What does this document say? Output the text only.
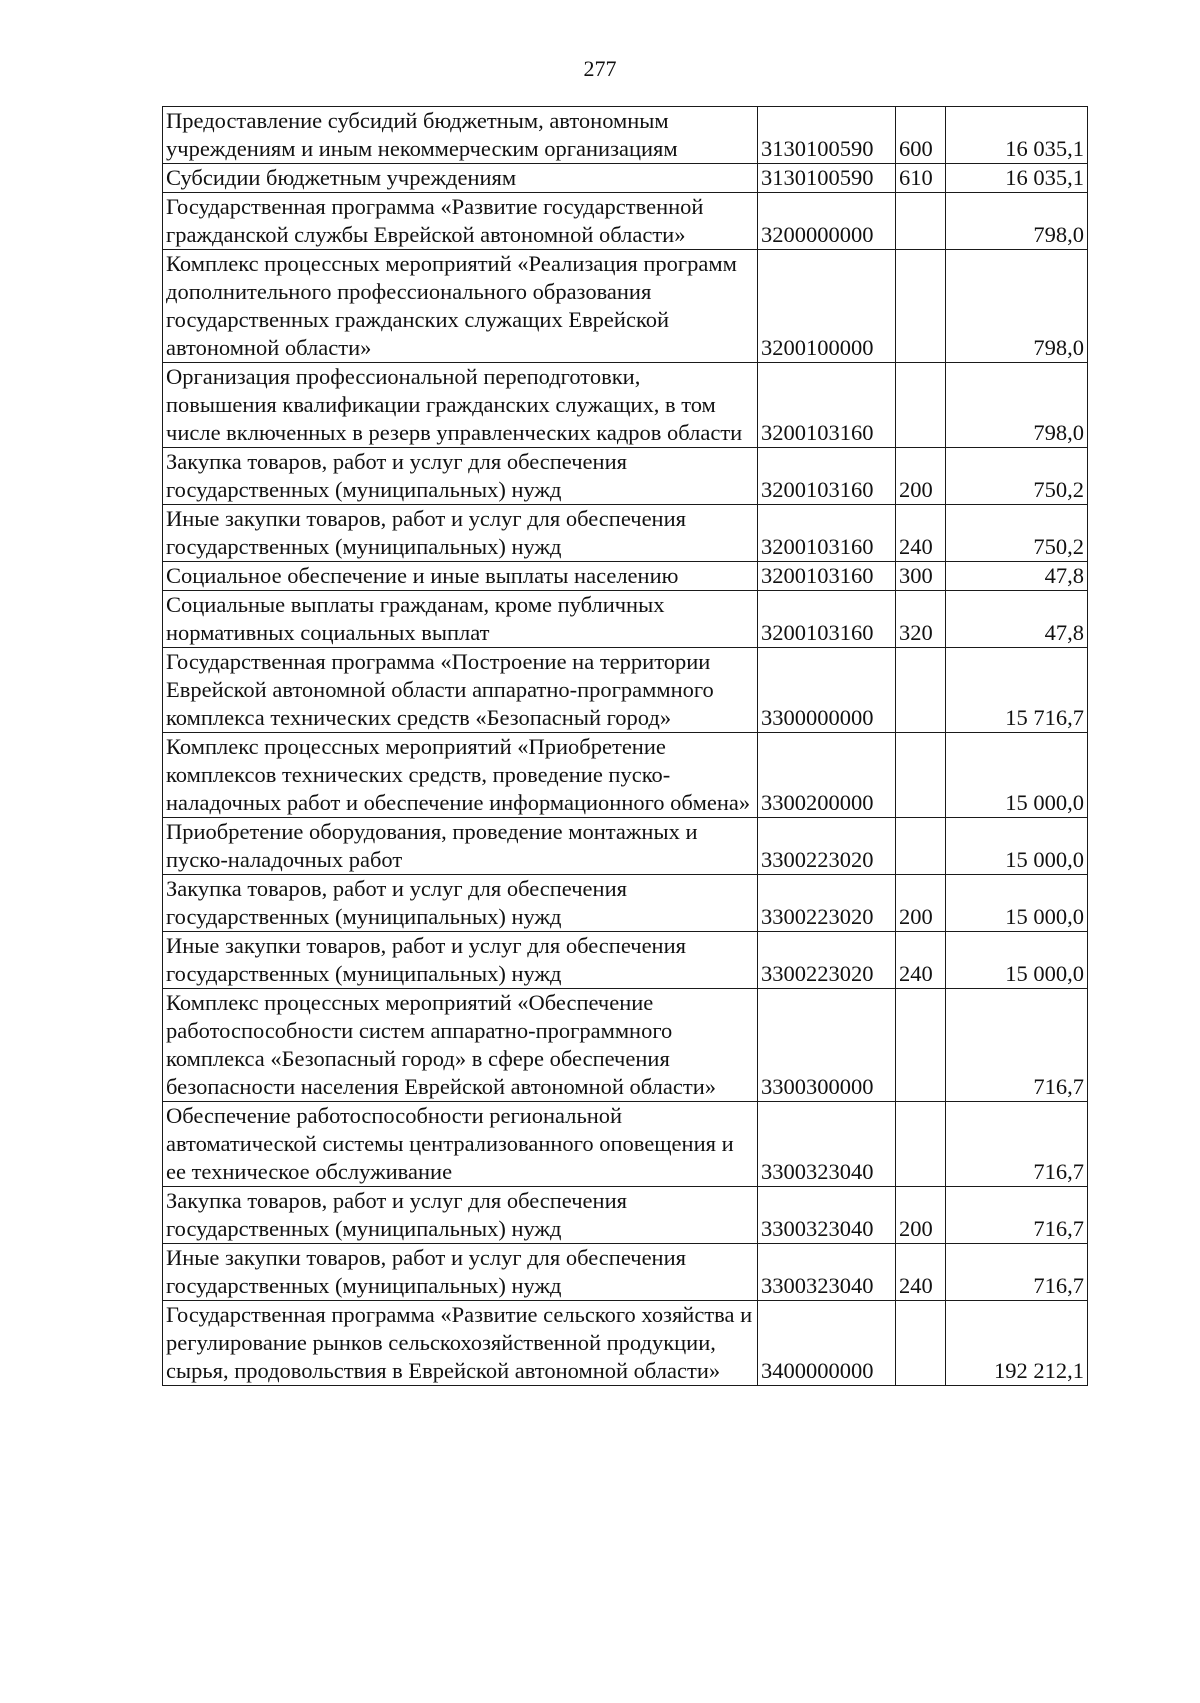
277
Предоставление субсидий бюджетным, автономным учреждениям и иным некоммерческим организациям	3130100590	600	16 035,1
Субсидии бюджетным учреждениям	3130100590	610	16 035,1
Государственная программа «Развитие государственной гражданской службы Еврейской автономной области»	3200000000		798,0
Комплекс процессных мероприятий «Реализация программ дополнительного профессионального образования государственных гражданских служащих Еврейской автономной области»	3200100000		798,0
Организация профессиональной переподготовки, повышения квалификации гражданских служащих, в том числе включенных в резерв управленческих кадров области	3200103160		798,0
Закупка товаров, работ и услуг для обеспечения государственных (муниципальных) нужд	3200103160	200	750,2
Иные закупки товаров, работ и услуг для обеспечения государственных (муниципальных) нужд	3200103160	240	750,2
Социальное обеспечение и иные выплаты населению	3200103160	300	47,8
Социальные выплаты гражданам, кроме публичных нормативных социальных выплат	3200103160	320	47,8
Государственная программа «Построение на территории Еврейской автономной области аппаратно-программного комплекса технических средств «Безопасный город»	3300000000		15 716,7
Комплекс процессных мероприятий «Приобретение комплексов технических средств, проведение пуско-наладочных работ и обеспечение информационного обмена»	3300200000		15 000,0
Приобретение оборудования, проведение монтажных и пуско-наладочных работ	3300223020		15 000,0
Закупка товаров, работ и услуг для обеспечения государственных (муниципальных) нужд	3300223020	200	15 000,0
Иные закупки товаров, работ и услуг для обеспечения государственных (муниципальных) нужд	3300223020	240	15 000,0
Комплекс процессных мероприятий «Обеспечение работоспособности систем аппаратно-программного комплекса «Безопасный город» в сфере обеспечения безопасности населения Еврейской автономной области»	3300300000		716,7
Обеспечение работоспособности региональной автоматической системы централизованного оповещения и ее техническое обслуживание	3300323040		716,7
Закупка товаров, работ и услуг для обеспечения государственных (муниципальных) нужд	3300323040	200	716,7
Иные закупки товаров, работ и услуг для обеспечения государственных (муниципальных) нужд	3300323040	240	716,7
Государственная программа «Развитие сельского хозяйства и регулирование рынков сельскохозяйственной продукции, сырья, продовольствия в Еврейской автономной области»	3400000000		192 212,1
